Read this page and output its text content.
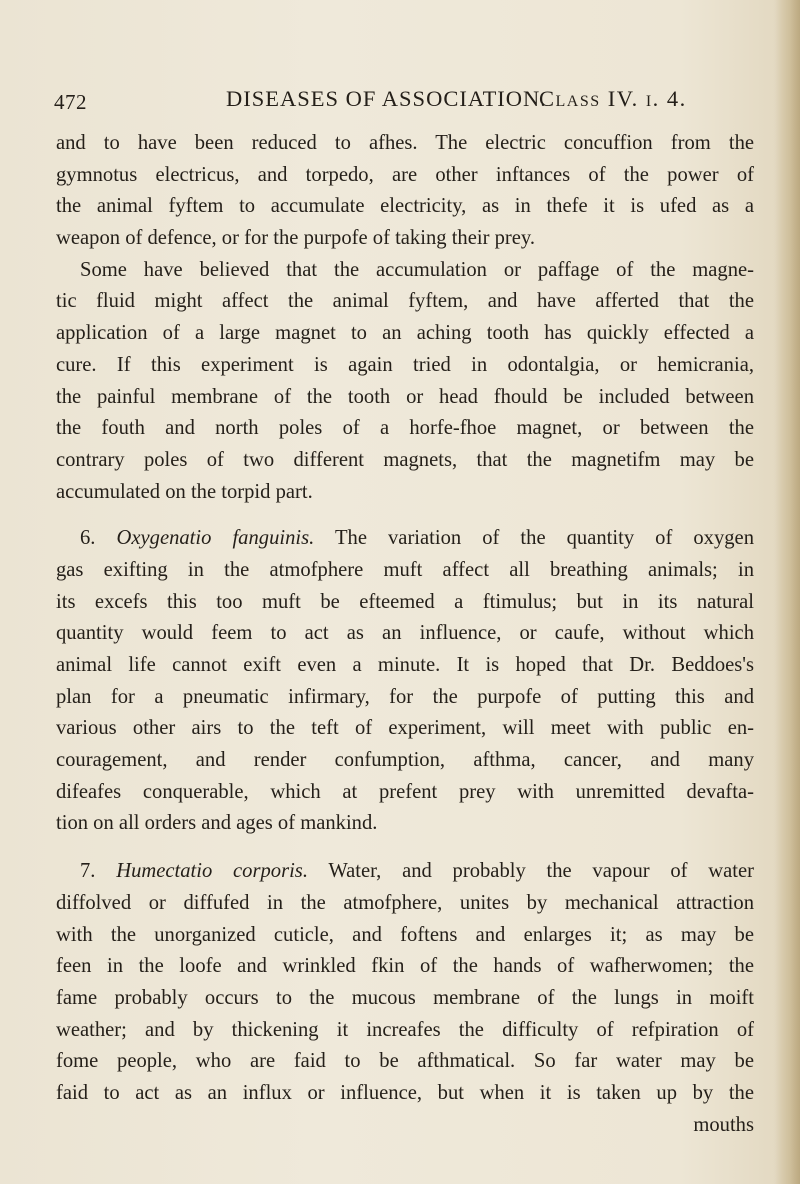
472	DISEASES OF ASSOCIATION.
Class IV. i. 4.
and to have been reduced to afhes. The electric concuffion from the
gymnotus electricus, and torpedo, are other inftances of the power of
the animal fyftem to accumulate electricity, as in thefe it is ufed as a
weapon of defence, or for the purpofe of taking their prey.
Some have believed that the accumulation or paffage of the magne-
tic fluid might affect the animal fyftem, and have afferted that the
application of a large magnet to an aching tooth has quickly effected a
cure. If this experiment is again tried in odontalgia, or hemicrania,
the painful membrane of the tooth or head fhould be included between
the fouth and north poles of a horfe-fhoe magnet, or between the
contrary poles of two different magnets, that the magnetifm may be
accumulated on the torpid part.
6. Oxygenatio fanguinis. The variation of the quantity of oxygen
gas exifting in the atmofphere muft affect all breathing animals; in
its excefs this too muft be efteemed a ftimulus; but in its natural
quantity would feem to act as an influence, or caufe, without which
animal life cannot exift even a minute. It is hoped that Dr. Beddoes's
plan for a pneumatic infirmary, for the purpofe of putting this and
various other airs to the teft of experiment, will meet with public en-
couragement, and render confumption, afthma, cancer, and many
difeafes conquerable, which at prefent prey with unremitted devafta-
tion on all orders and ages of mankind.
7. Humectatio corporis. Water, and probably the vapour of water
diffolved or diffufed in the atmofphere, unites by mechanical attraction
with the unorganized cuticle, and foftens and enlarges it; as may be
feen in the loofe and wrinkled fkin of the hands of wafherwomen; the
fame probably occurs to the mucous membrane of the lungs in moift
weather; and by thickening it increafes the difficulty of refpiration of
fome people, who are faid to be afthmatical. So far water may be
faid to act as an influx or influence, but when it is taken up by the
mouths
